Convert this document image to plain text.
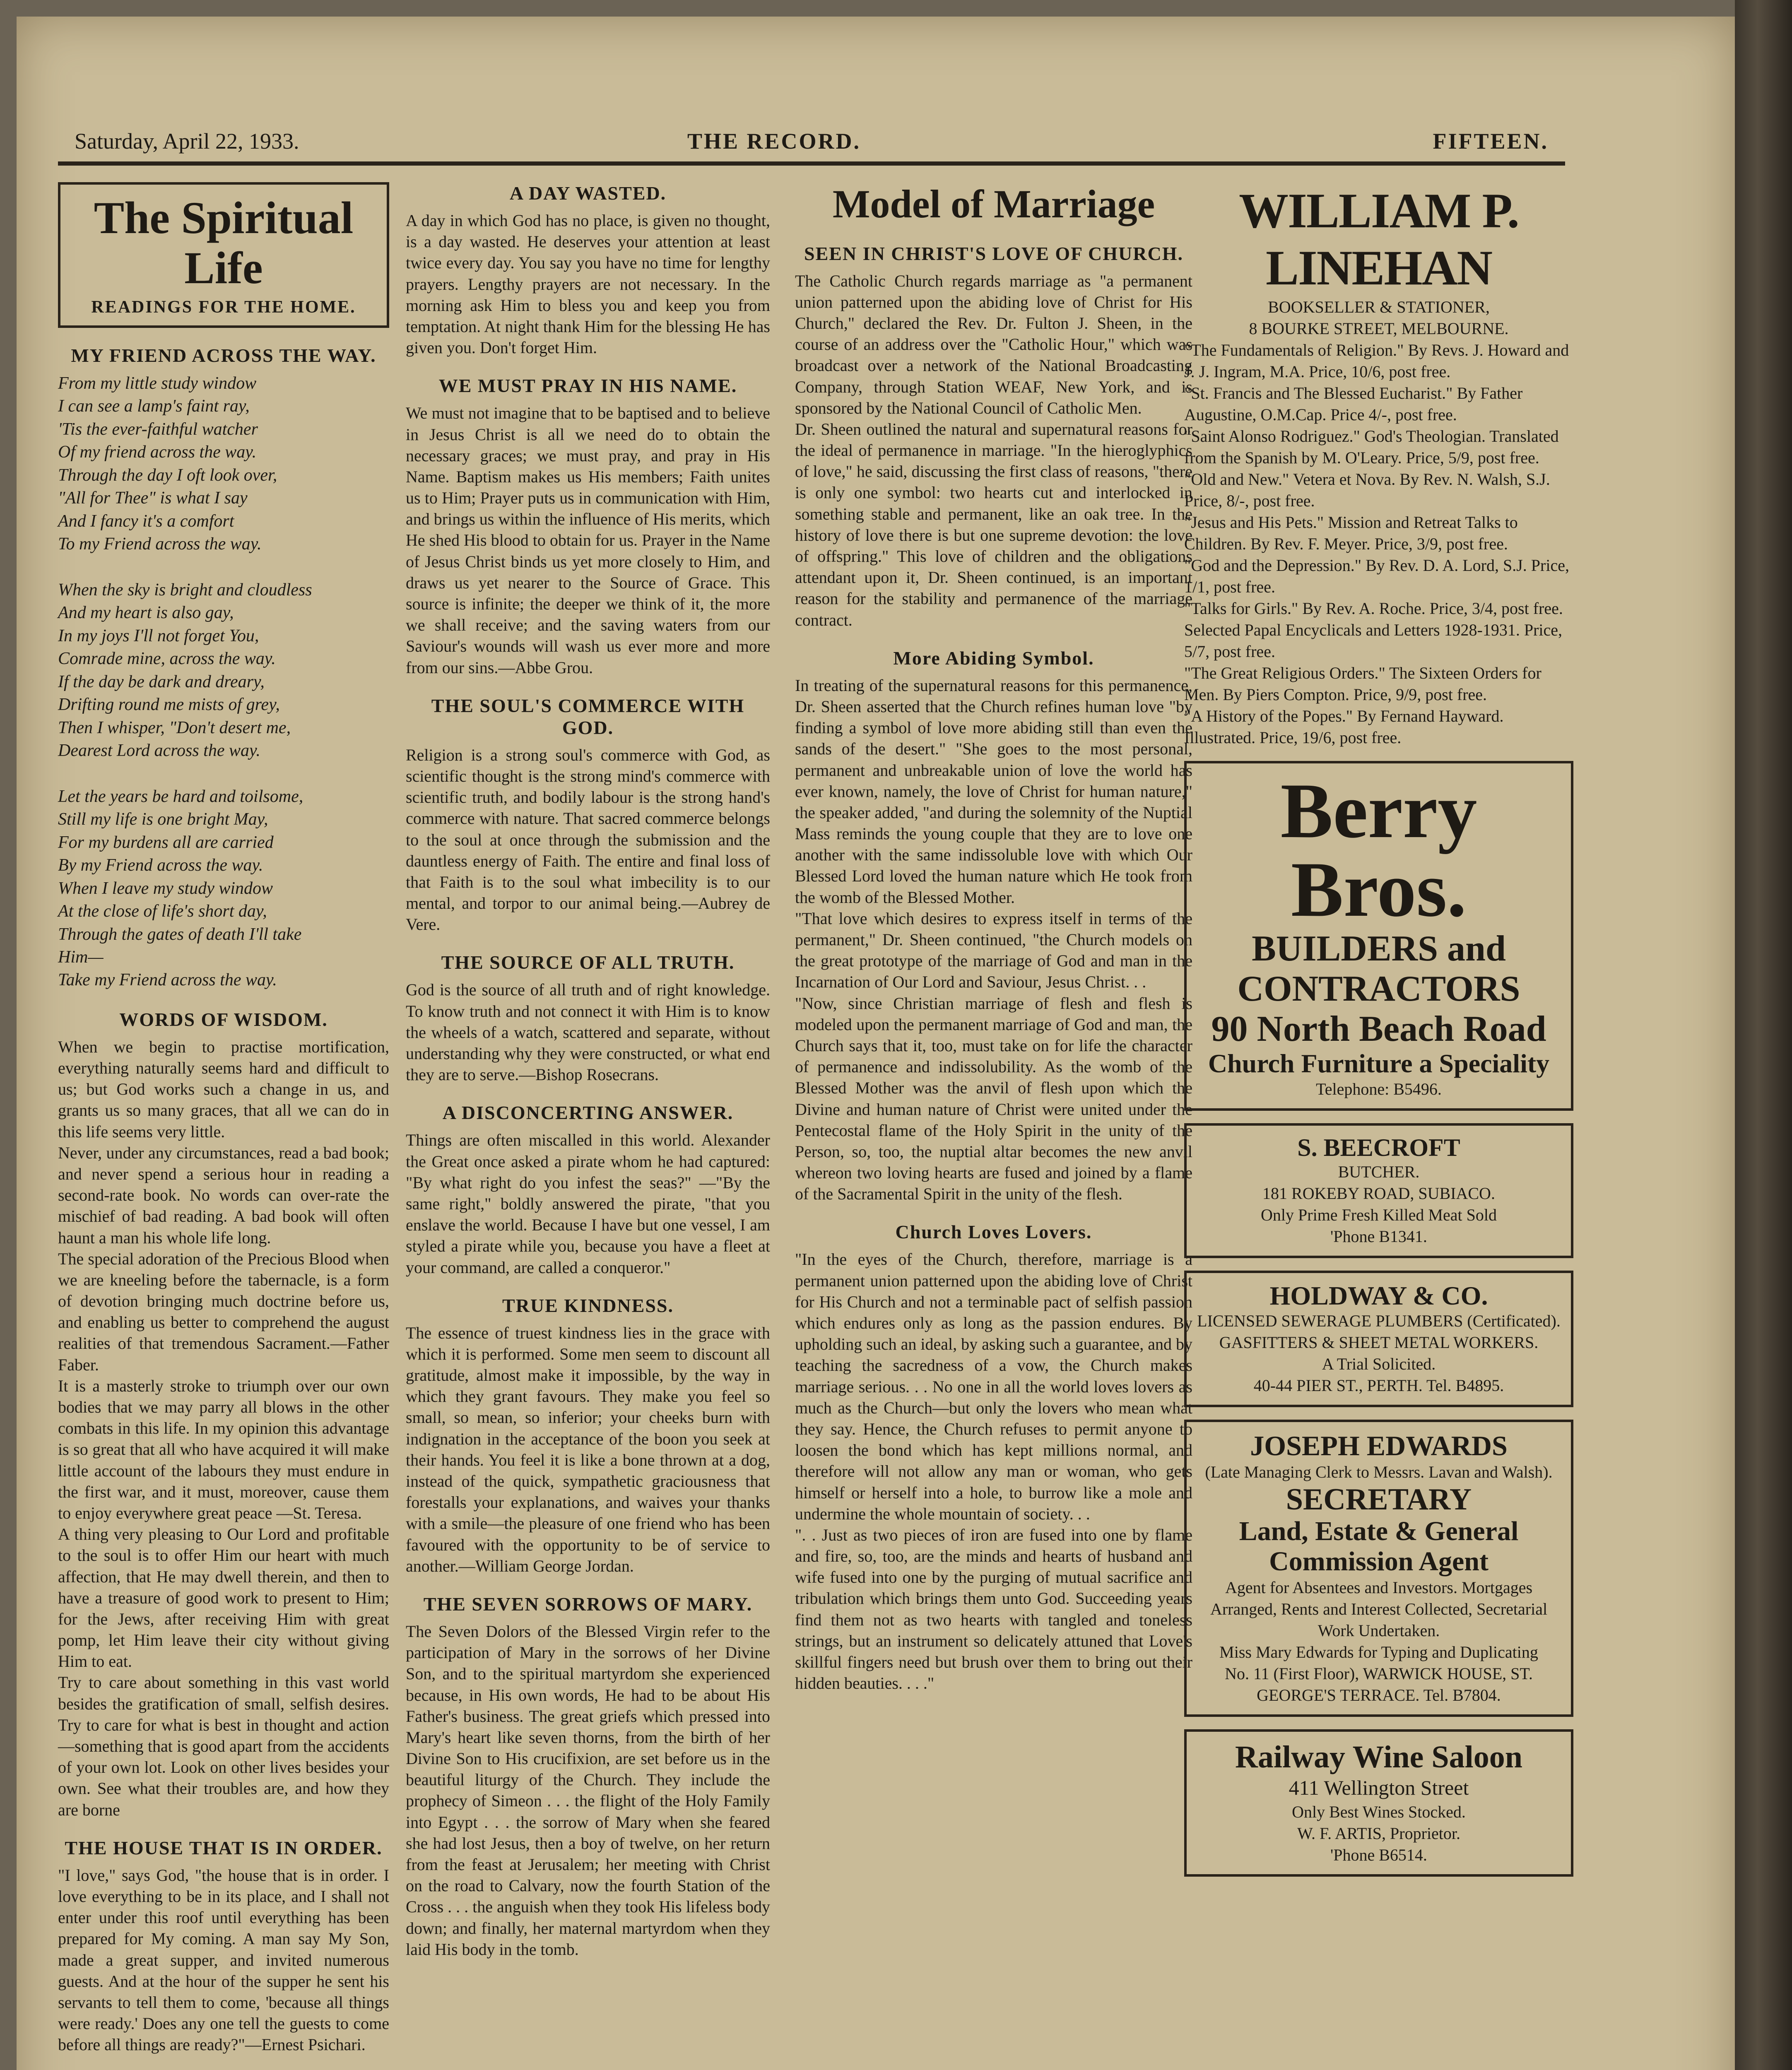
Saturday, April 22, 1933.	THE RECORD.	FIFTEEN.
The Spiritual Life
READINGS FOR THE HOME.
MY FRIEND ACROSS THE WAY.
From my little study window
I can see a lamp's faint ray,
'Tis the ever-faithful watcher
Of my friend across the way.
Through the day I oft look over,
"All for Thee" is what I say
And I fancy it's a comfort
To my Friend across the way.

When the sky is bright and cloudless
And my heart is also gay,
In my joys I'll not forget You,
Comrade mine, across the way.
If the day be dark and dreary,
Drifting round me mists of grey,
Then I whisper, "Don't desert me,
Dearest Lord across the way.

Let the years be hard and toilsome,
Still my life is one bright May,
For my burdens all are carried
By my Friend across the way.
When I leave my study window
At the close of life's short day,
Through the gates of death I'll take
Him—
Take my Friend across the way.
WORDS OF WISDOM.
When we begin to practise mortification, everything naturally seems hard and difficult to us; but God works such a change in us, and grants us so many graces, that all we can do in this life seems very little.
Never, under any circumstances, read a bad book; and never spend a serious hour in reading a second-rate book. No words can over-rate the mischief of bad reading. A bad book will often haunt a man his whole life long.
The special adoration of the Precious Blood when we are kneeling before the tabernacle, is a form of devotion bringing much doctrine before us, and enabling us better to comprehend the august realities of that tremendous Sacrament.—Father Faber.
It is a masterly stroke to triumph over our own bodies that we may parry all blows in the other combats in this life. In my opinion this advantage is so great that all who have acquired it will make little account of the labours they must endure in the first war, and it must, moreover, cause them to enjoy everywhere great peace —St. Teresa.
A thing very pleasing to Our Lord and profitable to the soul is to offer Him our heart with much affection, that He may dwell therein, and then to have a treasure of good work to present to Him; for the Jews, after receiving Him with great pomp, let Him leave their city without giving Him to eat.
Try to care about something in this vast world besides the gratification of small, selfish desires. Try to care for what is best in thought and action—something that is good apart from the accidents of your own lot. Look on other lives besides your own. See what their troubles are, and how they are borne
THE HOUSE THAT IS IN ORDER.
"I love," says God, "the house that is in order. I love everything to be in its place, and I shall not enter under this roof until everything has been prepared for My coming. A man say My Son, made a great supper, and invited numerous guests. And at the hour of the supper he sent his servants to tell them to come, 'because all things were ready.' Does any one tell the guests to come before all things are ready?"—Ernest Psichari.
A DAY WASTED.
A day in which God has no place, is given no thought, is a day wasted. He deserves your attention at least twice every day. You say you have no time for lengthy prayers. Lengthy prayers are not necessary. In the morning ask Him to bless you and keep you from temptation. At night thank Him for the blessing He has given you. Don't forget Him.
WE MUST PRAY IN HIS NAME.
We must not imagine that to be baptised and to believe in Jesus Christ is all we need do to obtain the necessary graces; we must pray, and pray in His Name. Baptism makes us His members; Faith unites us to Him; Prayer puts us in communication with Him, and brings us within the influence of His merits, which He shed His blood to obtain for us. Prayer in the Name of Jesus Christ binds us yet more closely to Him, and draws us yet nearer to the Source of Grace. This source is infinite; the deeper we think of it, the more we shall receive; and the saving waters from our Saviour's wounds will wash us ever more and more from our sins.—Abbe Grou.
THE SOUL'S COMMERCE WITH GOD.
Religion is a strong soul's commerce with God, as scientific thought is the strong mind's commerce with scientific truth, and bodily labour is the strong hand's commerce with nature. That sacred commerce belongs to the soul at once through the submission and the dauntless energy of Faith. The entire and final loss of that Faith is to the soul what imbecility is to our mental, and torpor to our animal being.—Aubrey de Vere.
THE SOURCE OF ALL TRUTH.
God is the source of all truth and of right knowledge. To know truth and not connect it with Him is to know the wheels of a watch, scattered and separate, without understanding why they were constructed, or what end they are to serve.—Bishop Rosecrans.
A DISCONCERTING ANSWER.
Things are often miscalled in this world. Alexander the Great once asked a pirate whom he had captured: "By what right do you infest the seas?" —"By the same right," boldly answered the pirate, "that you enslave the world. Because I have but one vessel, I am styled a pirate while you, because you have a fleet at your command, are called a conqueror."
TRUE KINDNESS.
The essence of truest kindness lies in the grace with which it is performed. Some men seem to discount all gratitude, almost make it impossible, by the way in which they grant favours. They make you feel so small, so mean, so inferior; your cheeks burn with indignation in the acceptance of the boon you seek at their hands. You feel it is like a bone thrown at a dog, instead of the quick, sympathetic graciousness that forestalls your explanations, and waives your thanks with a smile—the pleasure of one friend who has been favoured with the opportunity to be of service to another.—William George Jordan.
THE SEVEN SORROWS OF MARY.
The Seven Dolors of the Blessed Virgin refer to the participation of Mary in the sorrows of her Divine Son, and to the spiritual martyrdom she experienced because, in His own words, He had to be about His Father's business. The great griefs which pressed into Mary's heart like seven thorns, from the birth of her Divine Son to His crucifixion, are set before us in the beautiful liturgy of the Church. They include the prophecy of Simeon . . . the flight of the Holy Family into Egypt . . . the sorrow of Mary when she feared she had lost Jesus, then a boy of twelve, on her return from the feast at Jerusalem; her meeting with Christ on the road to Calvary, now the fourth Station of the Cross . . . the anguish when they took His lifeless body down; and finally, her maternal martyrdom when they laid His body in the tomb.
Model of Marriage
SEEN IN CHRIST'S LOVE OF CHURCH.
The Catholic Church regards marriage as "a permanent union patterned upon the abiding love of Christ for His Church," declared the Rev. Dr. Fulton J. Sheen, in the course of an address over the "Catholic Hour," which was broadcast over a network of the National Broadcasting Company, through Station WEAF, New York, and is sponsored by the National Council of Catholic Men.
Dr. Sheen outlined the natural and supernatural reasons for the ideal of permanence in marriage. "In the hieroglyphics of love," he said, discussing the first class of reasons, "there is only one symbol: two hearts cut and interlocked in something stable and permanent, like an oak tree. In the history of love there is but one supreme devotion: the love of offspring." This love of children and the obligations attendant upon it, Dr. Sheen continued, is an important reason for the stability and permanence of the marriage contract.
More Abiding Symbol.
In treating of the supernatural reasons for this permanence, Dr. Sheen asserted that the Church refines human love "by finding a symbol of love more abiding still than even the sands of the desert." "She goes to the most personal, permanent and unbreakable union of love the world has ever known, namely, the love of Christ for human nature," the speaker added, "and during the solemnity of the Nuptial Mass reminds the young couple that they are to love one another with the same indissoluble love with which Our Blessed Lord loved the human nature which He took from the womb of the Blessed Mother.
"That love which desires to express itself in terms of the permanent," Dr. Sheen continued, "the Church models on the great prototype of the marriage of God and man in the Incarnation of Our Lord and Saviour, Jesus Christ. . .
"Now, since Christian marriage of flesh and flesh is modeled upon the permanent marriage of God and man, the Church says that it, too, must take on for life the character of permanence and indissolubility. As the womb of the Blessed Mother was the anvil of flesh upon which the Divine and human nature of Christ were united under the Pentecostal flame of the Holy Spirit in the unity of the Person, so, too, the nuptial altar becomes the new anvil whereon two loving hearts are fused and joined by a flame of the Sacramental Spirit in the unity of the flesh.
Church Loves Lovers.
"In the eyes of the Church, therefore, marriage is a permanent union patterned upon the abiding love of Christ for His Church and not a terminable pact of selfish passion which endures only as long as the passion endures. By upholding such an ideal, by asking such a guarantee, and by teaching the sacredness of a vow, the Church makes marriage serious. . . No one in all the world loves lovers as much as the Church—but only the lovers who mean what they say. Hence, the Church refuses to permit anyone to loosen the bond which has kept millions normal, and therefore will not allow any man or woman, who gets himself or herself into a hole, to burrow like a mole and undermine the whole mountain of society. . .
". . Just as two pieces of iron are fused into one by flame and fire, so, too, are the minds and hearts of husband and wife fused into one by the purging of mutual sacrifice and tribulation which brings them unto God. Succeeding years find them not as two hearts with tangled and toneless strings, but an instrument so delicately attuned that Love's skillful fingers need but brush over them to bring out their hidden beauties. . . ."
WILLIAM P. LINEHAN
BOOKSELLER & STATIONER,
8 BOURKE STREET, MELBOURNE.
"The Fundamentals of Religion." By Revs. J. Howard and J. J. Ingram, M.A. Price, 10/6, post free.
"St. Francis and The Blessed Eucharist." By Father Augustine, O.M.Cap. Price 4/-, post free.
"Saint Alonso Rodriguez." God's Theologian. Translated from the Spanish by M. O'Leary. Price, 5/9, post free.
"Old and New." Vetera et Nova. By Rev. N. Walsh, S.J. Price, 8/-, post free.
"Jesus and His Pets." Mission and Retreat Talks to Children. By Rev. F. Meyer. Price, 3/9, post free.
"God and the Depression." By Rev. D. A. Lord, S.J. Price, 1/1, post free.
"Talks for Girls." By Rev. A. Roche. Price, 3/4, post free.
Selected Papal Encyclicals and Letters 1928-1931. Price, 5/7, post free.
"The Great Religious Orders." The Sixteen Orders for Men. By Piers Compton. Price, 9/9, post free.
"A History of the Popes." By Fernand Hayward. Illustrated. Price, 19/6, post free.
Berry Bros.
BUILDERS and CONTRACTORS
90 North Beach Road
Church Furniture a Speciality
Telephone: B5496.
S. BEECROFT
BUTCHER.
181 ROKEBY ROAD, SUBIACO.
Only Prime Fresh Killed Meat Sold
'Phone B1341.
HOLDWAY & CO.
LICENSED SEWERAGE PLUMBERS (Certificated).
GASFITTERS & SHEET METAL WORKERS.
A Trial Solicited.
40-44 PIER ST., PERTH. Tel. B4895.
JOSEPH EDWARDS
(Late Managing Clerk to Messrs. Lavan and Walsh).
SECRETARY
Land, Estate & General Commission Agent
Agent for Absentees and Investors. Mortgages Arranged, Rents and Interest Collected, Secretarial Work Undertaken.
Miss Mary Edwards for Typing and Duplicating
No. 11 (First Floor), WARWICK HOUSE, ST. GEORGE'S TERRACE. Tel. B7804.
Railway Wine Saloon
411 Wellington Street
Only Best Wines Stocked.
W. F. ARTIS, Proprietor.
'Phone B6514.
